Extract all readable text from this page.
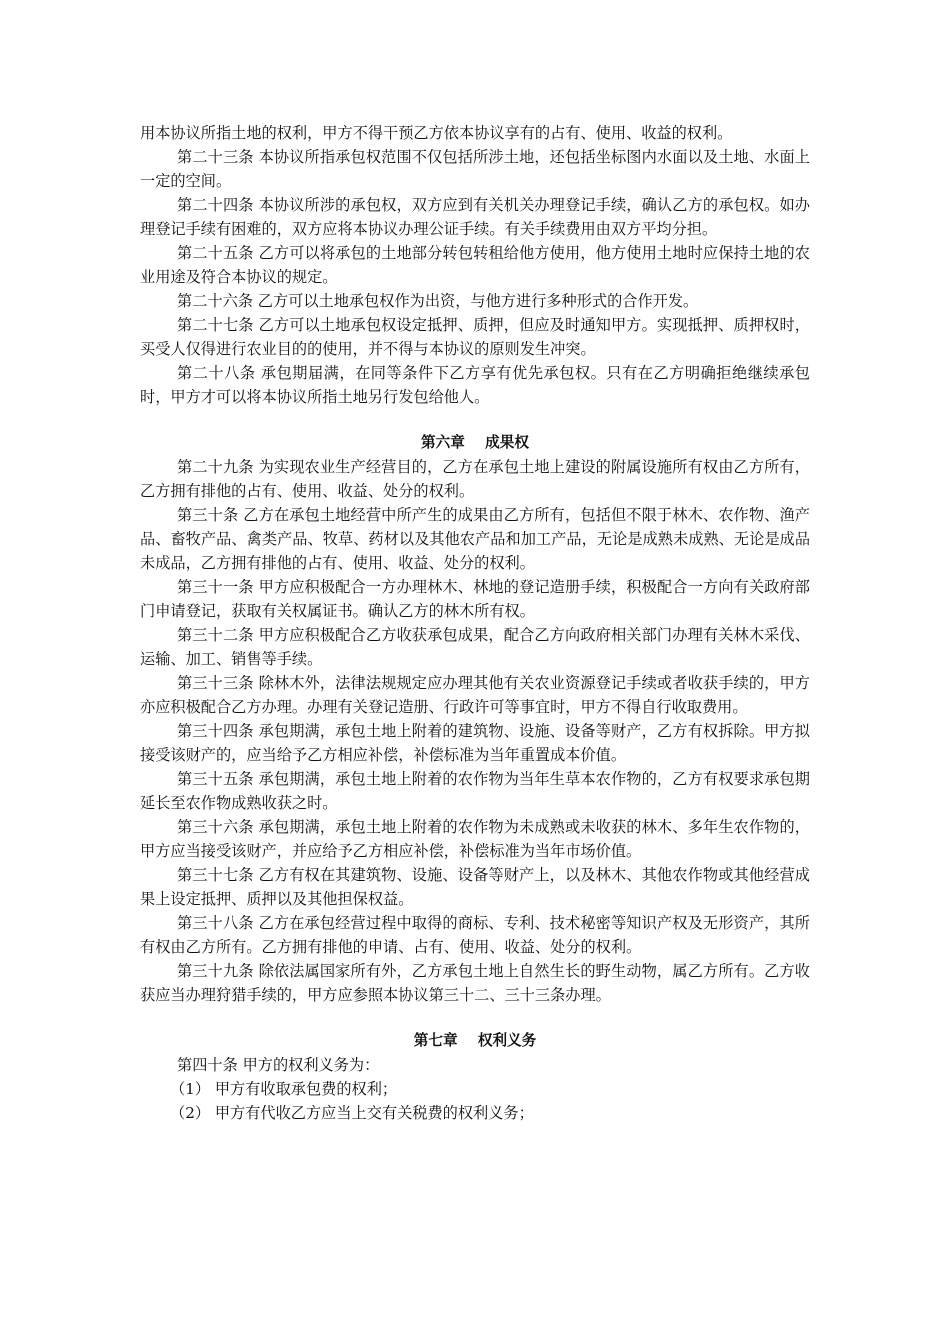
用本协议所指土地的权利，甲方不得干预乙方依本协议享有的占有、使用、收益的权利。

第二十三条 本协议所指承包权范围不仅包括所涉土地，还包括坐标图内水面以及土地、水面上一定的空间。

第二十四条 本协议所涉的承包权，双方应到有关机关办理登记手续，确认乙方的承包权。如办理登记手续有困难的，双方应将本协议办理公证手续。有关手续费用由双方平均分担。

第二十五条 乙方可以将承包的土地部分转包转租给他方使用，他方使用土地时应保持土地的农业用途及符合本协议的规定。

第二十六条 乙方可以土地承包权作为出资，与他方进行多种形式的合作开发。

第二十七条 乙方可以土地承包权设定抵押、质押，但应及时通知甲方。实现抵押、质押权时，买受人仅得进行农业目的的使用，并不得与本协议的原则发生冲突。

第二十八条 承包期届满，在同等条件下乙方享有优先承包权。只有在乙方明确拒绝继续承包时，甲方才可以将本协议所指土地另行发包给他人。

第六章    成果权

第二十九条 为实现农业生产经营目的，乙方在承包土地上建设的附属设施所有权由乙方所有，乙方拥有排他的占有、使用、收益、处分的权利。

第三十条 乙方在承包土地经营中所产生的成果由乙方所有，包括但不限于林木、农作物、渔产品、畜牧产品、禽类产品、牧草、药材以及其他农产品和加工产品，无论是成熟未成熟、无论是成品未成品，乙方拥有排他的占有、使用、收益、处分的权利。

第三十一条 甲方应积极配合一方办理林木、林地的登记造册手续，积极配合一方向有关政府部门申请登记，获取有关权属证书。确认乙方的林木所有权。

第三十二条 甲方应积极配合乙方收获承包成果，配合乙方向政府相关部门办理有关林木采伐、运输、加工、销售等手续。

第三十三条 除林木外，法律法规规定应办理其他有关农业资源登记手续或者收获手续的，甲方亦应积极配合乙方办理。办理有关登记造册、行政许可等事宜时，甲方不得自行收取费用。

第三十四条 承包期满，承包土地上附着的建筑物、设施、设备等财产，乙方有权拆除。甲方拟接受该财产的，应当给予乙方相应补偿，补偿标准为当年重置成本价值。

第三十五条 承包期满，承包土地上附着的农作物为当年生草本农作物的，乙方有权要求承包期延长至农作物成熟收获之时。

第三十六条 承包期满，承包土地上附着的农作物为未成熟或未收获的林木、多年生农作物的，甲方应当接受该财产，并应给予乙方相应补偿，补偿标准为当年市场价值。

第三十七条 乙方有权在其建筑物、设施、设备等财产上，以及林木、其他农作物或其他经营成果上设定抵押、质押以及其他担保权益。

第三十八条 乙方在承包经营过程中取得的商标、专利、技术秘密等知识产权及无形资产，其所有权由乙方所有。乙方拥有排他的申请、占有、使用、收益、处分的权利。

第三十九条 除依法属国家所有外，乙方承包土地上自然生长的野生动物，属乙方所有。乙方收获应当办理狩猎手续的，甲方应参照本协议第三十二、三十三条办理。

第七章    权利义务

第四十条 甲方的权利义务为：

（1） 甲方有收取承包费的权利；

（2） 甲方有代收乙方应当上交有关税费的权利义务；
